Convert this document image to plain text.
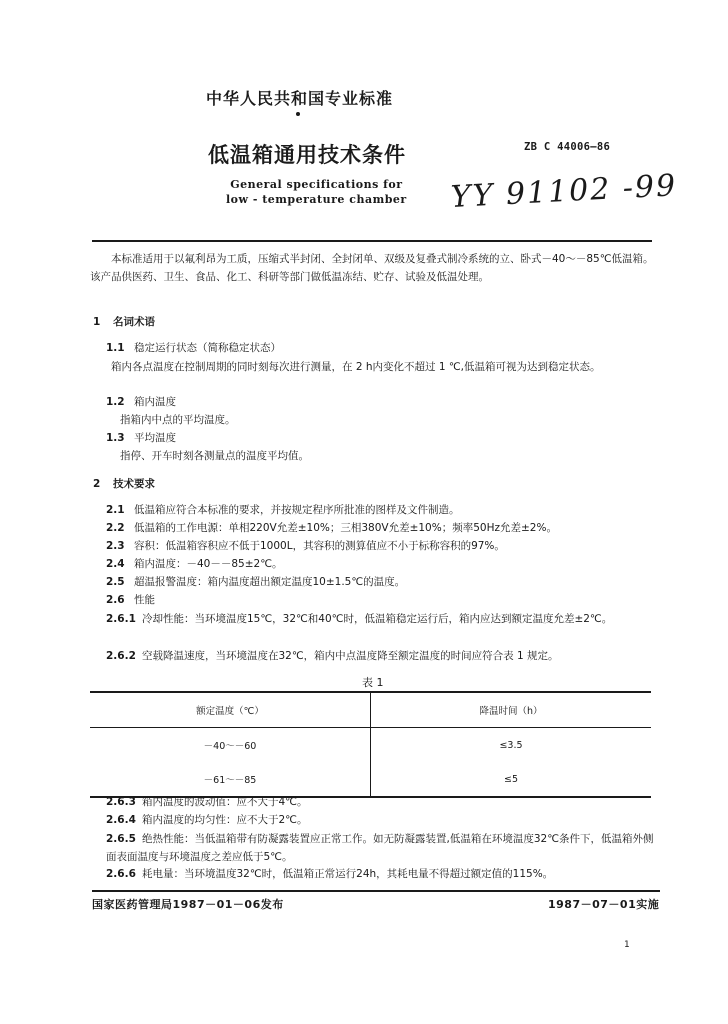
中华人民共和国专业标准
低温箱通用技术条件	ZB C 44006—86
General specifications for
low - temperature chamber YY 91102 -99
本标准适用于以氟利昂为工质，压缩式半封闭、全封闭单、双级及复叠式制冷系统的立、卧式－40～－85℃低温箱。该产品供医药、卫生、食品、化工、科研等部门做低温冻结、贮存、试验及低温处理。
1 名词术语
1.1 稳定运行状态（简称稳定状态）
箱内各点温度在控制周期的同时刻每次进行测量，在 2 h内变化不超过 1 ℃,低温箱可视为达到稳定状态。
1.2 箱内温度
指箱内中点的平均温度。
1.3 平均温度
指停、开车时刻各测量点的温度平均值。
2 技术要求
2.1 低温箱应符合本标准的要求，并按规定程序所批准的图样及文件制造。
2.2 低温箱的工作电源：单相220V允差±10%；三相380V允差±10%；频率50Hz允差±2%。
2.3 容积：低温箱容积应不低于1000L，其容积的测算值应不小于标称容积的97%。
2.4 箱内温度：－40－－85±2℃。
2.5 超温报警温度：箱内温度超出额定温度10±1.5℃的温度。
2.6 性能
2.6.1 冷却性能：当环境温度15℃，32℃和40℃时，低温箱稳定运行后，箱内应达到额定温度允差±2℃。
2.6.2 空载降温速度，当环境温度在32℃，箱内中点温度降至额定温度的时间应符合表 1 规定。
表 1
额定温度（℃）	降温时间（h）
－40～－60	≤3.5
－61～－85	≤5
2.6.3 箱内温度的波动值：应不大于4℃。
2.6.4 箱内温度的均匀性：应不大于2℃。
2.6.5 绝热性能：当低温箱带有防凝露装置应正常工作。如无防凝露装置,低温箱在环境温度32℃条件下，低温箱外侧面表面温度与环境温度之差应低于5℃。
2.6.6 耗电量：当环境温度32℃时，低温箱正常运行24h，其耗电量不得超过额定值的115%。
国家医药管理局1987－01－06发布	1987－07－01实施
1
